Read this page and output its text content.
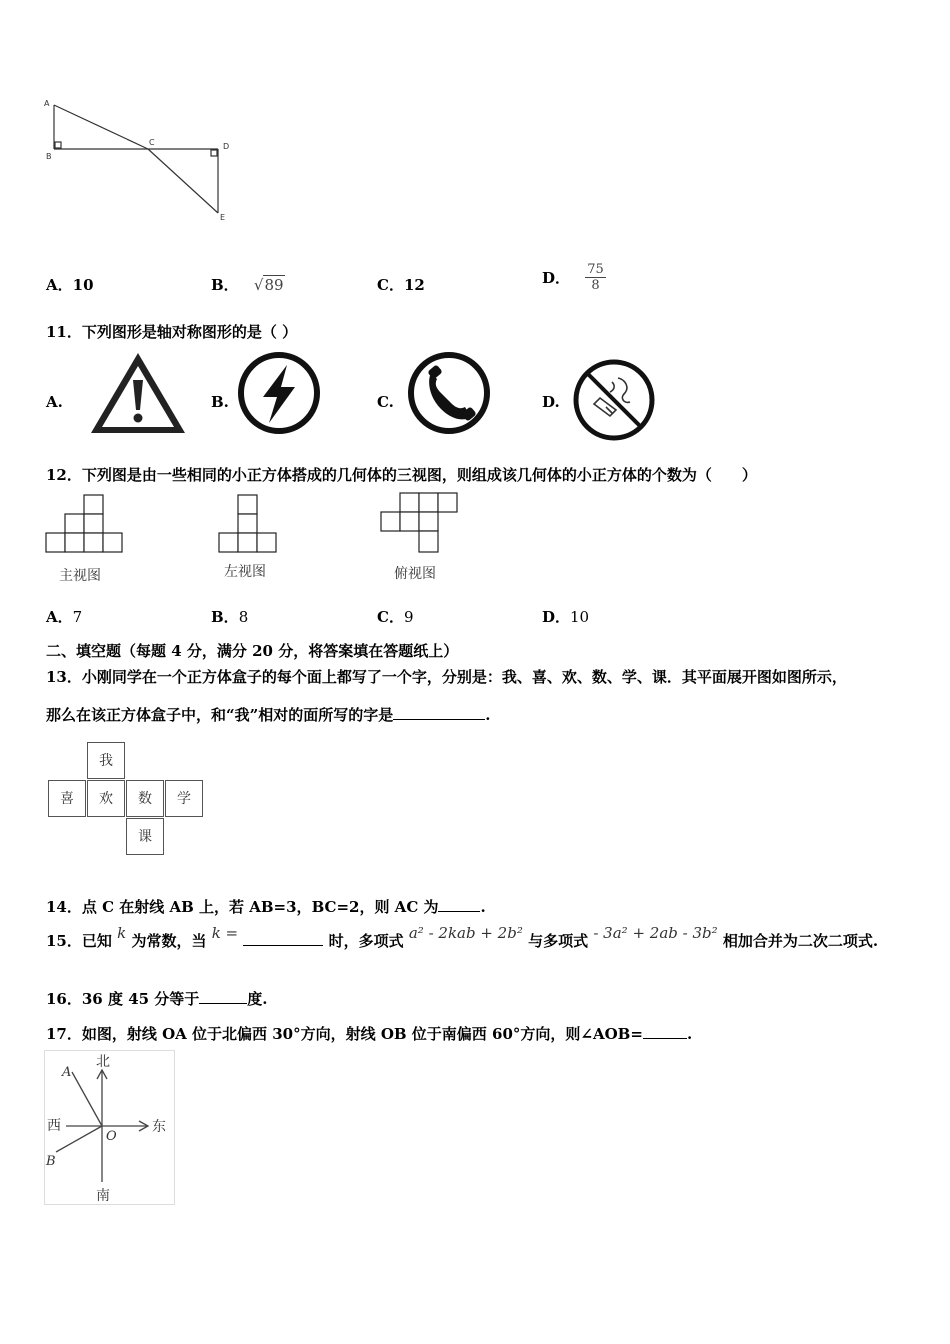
A
B
C	D
E
A．10	B． √89	C．12	D． $\frac{75}{8}$
11．下列图形是轴对称图形的是（ ）
A.	B.	C.	D.
12．下列图是由一些相同的小正方体搭成的几何体的三视图，则组成该几何体的小正方体的个数为（　　）
主视图	左视图	俯视图
A．7	B．8	C．9	D．10
二、填空题（每题 4 分，满分 20 分，将答案填在答题纸上）
13．小刚同学在一个正方体盒子的每个面上都写了一个字，分别是：我、喜、欢、数、学、课．其平面展开图如图所示，
那么在该正方体盒子中，和“我”相对的面所写的字是	.
我
喜	欢	数	学
课
14．点 C 在射线 AB 上，若 AB=3，BC=2，则 AC 为	.
15．已知 k 为常数，当 k =	时，多项式 a² - 2kab + 2b² 与多项式 - 3a² + 2ab - 3b² 相加合并为二次二项式.
16．36 度 45 分等于	度.
17．如图，射线 OA 位于北偏西 30°方向，射线 OB 位于南偏西 60°方向，则∠AOB=	.
北
南
东
西
A
B
O
